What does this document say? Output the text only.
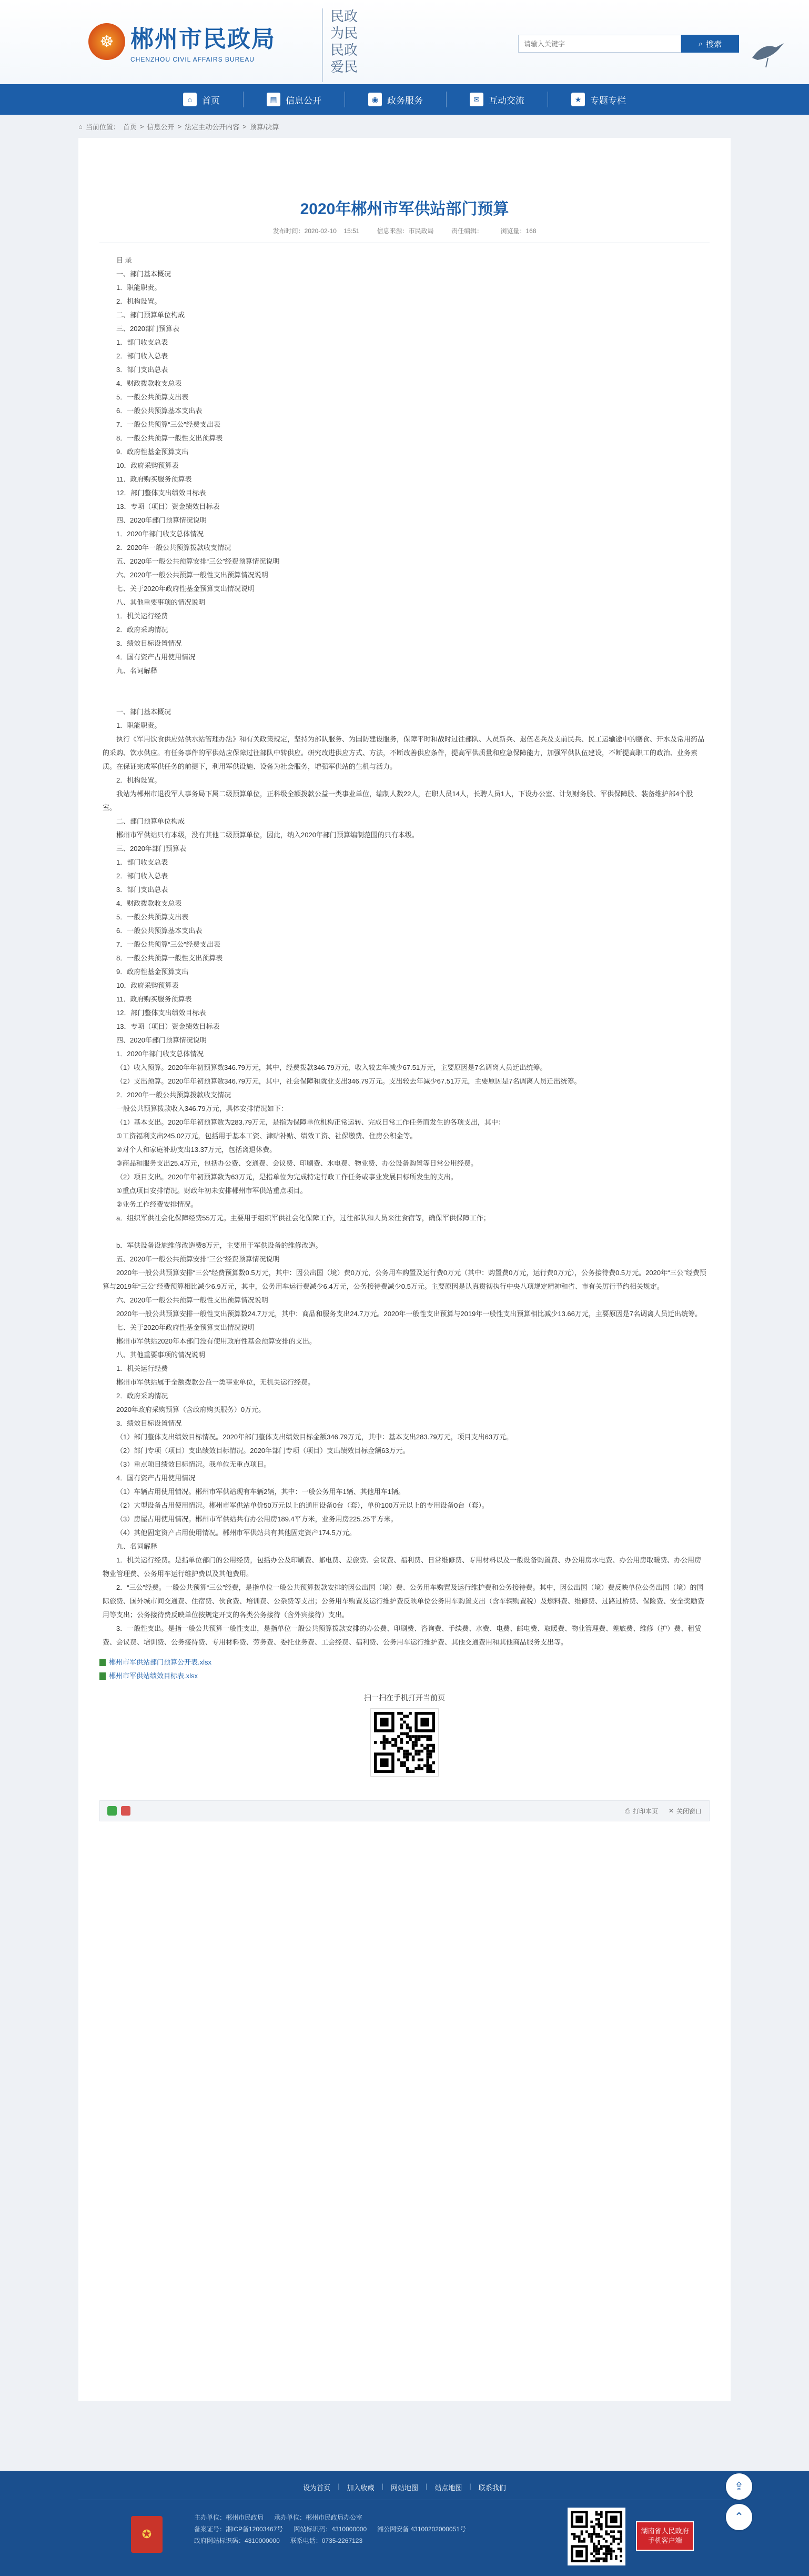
☸ 郴州市民政局
CHENZHOU CIVIL AFFAIRS BUREAU
民政为民
民政爱民
请输入关键字
⌕ 搜索
⌂	首页	▤ 信息公开	◉ 政务服务	✉	互动交流	★ 专题专栏
⌂ 当前位置： 首页 > 信息公开 > 法定主动公开内容 > 预算/决算
2020年郴州市军供站部门预算
发布时间：2020-02-10 15:51	信息来源：市民政局	责任编辑：	浏览量：168

目 录

一、部门基本概况

1．职能职责。

2．机构设置。

二、部门预算单位构成

三、2020部门预算表

1．部门收支总表

2．部门收入总表

3．部门支出总表

4．财政拨款收支总表

5．一般公共预算支出表

6．一般公共预算基本支出表

7．一般公共预算“三公”经费支出表

8．一般公共预算一般性支出预算表

9．政府性基金预算支出

10．政府采购预算表

11．政府购买服务预算表

12．部门整体支出绩效目标表

13．专项（项目）资金绩效目标表

四、2020年部门预算情况说明

1．2020年部门收支总体情况

2．2020年一般公共预算拨款收支情况

五、2020年一般公共预算安排“三公”经费预算情况说明

六、2020年一般公共预算一般性支出预算情况说明

七、关于2020年政府性基金预算支出情况说明

八、其他重要事项的情况说明

1．机关运行经费

2．政府采购情况

3．绩效目标设置情况

4．国有资产占用使用情况

九、名词解释

一、部门基本概况

1．职能职责。

执行《军用饮食供应站供水站管理办法》和有关政策规定，坚持为部队服务、为国防建设服务，保障平时和战时过往部队、人员新兵、退伍老兵及支前民兵、民工运输途中的膳食、开水及常用药品的采购、饮水供应。有任务事件的军供站应保障过往部队中转供应。研究改进供应方式、方法，不断改善供应条件，提高军供质量和应急保障能力，加强军供队伍建设，不断提高职工的政治、业务素质。在保证完成军供任务的前提下，利用军供设施、设备为社会服务，增强军供站的生机与活力。

2．机构设置。

我站为郴州市退役军人事务局下属二级预算单位，正科级全额拨款公益一类事业单位，编制人数22人，在职人员14人，长聘人员1人，下设办公室、计划财务股、军供保障股、装备维护部4个股室。

二、部门预算单位构成

郴州市军供站只有本级，没有其他二级预算单位，因此，纳入2020年部门预算编制范围的只有本级。

三、2020年部门预算表

1．部门收支总表

2．部门收入总表

3．部门支出总表

4．财政拨款收支总表

5．一般公共预算支出表

6．一般公共预算基本支出表

7．一般公共预算“三公”经费支出表

8．一般公共预算一般性支出预算表

9．政府性基金预算支出

10．政府采购预算表

11．政府购买服务预算表

12．部门整体支出绩效目标表

13．专项（项目）资金绩效目标表

四、2020年部门预算情况说明

1．2020年部门收支总体情况

（1）收入预算。2020年年初预算数346.79万元，其中，经费拨款346.79万元，收入较去年减少67.51万元，主要原因是7名调离人员迁出统筹。

（2）支出预算。2020年年初预算数346.79万元，其中，社会保障和就业支出346.79万元。支出较去年减少67.51万元，主要原因是7名调离人员迁出统筹。

2．2020年一般公共预算拨款收支情况

一般公共预算拨款收入346.79万元，具体安排情况如下：

（1）基本支出。2020年年初预算数为283.79万元，是指为保障单位机构正常运转、完成日常工作任务而发生的各项支出，其中：

①工资福利支出245.02万元，包括用于基本工资、津贴补贴、绩效工资、社保缴费、住房公积金等。

②对个人和家庭补助支出13.37万元，包括离退休费。

③商品和服务支出25.4万元，包括办公费、交通费、会议费、印刷费、水电费、物业费、办公设备购置等日常公用经费。

（2）项目支出。2020年年初预算数为63万元，是指单位为完成特定行政工作任务或事业发展目标所发生的支出。

①重点项目安排情况。财政年初未安排郴州市军供站重点项目。

②业务工作经费安排情况。

a．组织军供社会化保障经费55万元。主要用于组织军供社会化保障工作，过往部队和人员来往食宿等，确保军供保障工作；

b．军供设备设施维修改造费8万元，主要用于军供设备的维修改造。

五、2020年一般公共预算安排“三公”经费预算情况说明

2020年一般公共预算安排“三公”经费预算数0.5万元，其中：因公出国（境）费0万元，公务用车购置及运行费0万元（其中：购置费0万元，运行费0万元），公务接待费0.5万元。2020年“三公”经费预算与2019年“三公”经费预算相比减少6.9万元，其中，公务用车运行费减少6.4万元，公务接待费减少0.5万元。主要原因是认真贯彻执行中央八项规定精神和省、市有关厉行节约相关规定。

六、2020年一般公共预算一般性支出预算情况说明

2020年一般公共预算安排一般性支出预算数24.7万元，其中：商品和服务支出24.7万元。2020年一般性支出预算与2019年一般性支出预算相比减少13.66万元，主要原因是7名调离人员迁出统筹。

七、关于2020年政府性基金预算支出情况说明

郴州市军供站2020年本部门没有使用政府性基金预算安排的支出。

八、其他重要事项的情况说明

1．机关运行经费

郴州市军供站属于全额拨款公益一类事业单位，无机关运行经费。

2．政府采购情况

2020年政府采购预算（含政府购买服务）0万元。

3．绩效目标设置情况

（1）部门整体支出绩效目标情况。2020年部门整体支出绩效目标金额346.79万元，其中：基本支出283.79万元，项目支出63万元。

（2）部门专项（项目）支出绩效目标情况。2020年部门专项（项目）支出绩效目标金额63万元。

（3）重点项目绩效目标情况。我单位无重点项目。

4．国有资产占用使用情况

（1）车辆占用使用情况。郴州市军供站现有车辆2辆，其中：一般公务用车1辆、其他用车1辆。

（2）大型设备占用使用情况。郴州市军供站单价50万元以上的通用设备0台（套），单价100万元以上的专用设备0台（套）。

（3）房屋占用使用情况。郴州市军供站共有办公用房189.4平方米，业务用房225.25平方米。

（4）其他固定资产占用使用情况。郴州市军供站共有其他固定资产174.5万元。

九、名词解释

1．机关运行经费。是指单位部门的公用经费，包括办公及印刷费、邮电费、差旅费、会议费、福利费、日常维修费、专用材料以及一般设备购置费、办公用房水电费、办公用房取暖费、办公用房物业管理费、公务用车运行维护费以及其他费用。

2．“三公”经费。一般公共预算“三公”经费，是指单位一般公共预算拨款安排的因公出国（境）费、公务用车购置及运行维护费和公务接待费。其中，因公出国（境）费反映单位公务出国（境）的国际旅费、国外城市间交通费、住宿费、伙食费、培训费、公杂费等支出；公务用车购置及运行维护费反映单位公务用车购置支出（含车辆购置税）及燃料费、维修费、过路过桥费、保险费、安全奖励费用等支出；公务接待费反映单位按规定开支的各类公务接待（含外宾接待）支出。

3．一般性支出。是指一般公共预算一般性支出，是指单位一般公共预算拨款安排的办公费、印刷费、咨询费、手续费、水费、电费、邮电费、取暖费、物业管理费、差旅费、维修（护）费、租赁费、会议费、培训费、公务接待费、专用材料费、劳务费、委托业务费、工会经费、福利费、公务用车运行维护费、其他交通费用和其他商品服务支出等。

郴州市军供站部门预算公开表.xlsx
郴州市军供站绩效目标表.xlsx
扫一扫在手机打开当前页
⎙ 打印本页 ✕ 关闭窗口
设为首页 | 加入收藏 | 网站地图 | 站点地图 | 联系我们
✪
主办单位：郴州市民政局 承办单位：郴州市民政局办公室
备案证号：湘ICP备12003467号 网站标识码：4310000000 湘公网安备 43100202000051号
政府网站标识码：4310000000 联系电话：0735-2267123
湖南省人民政府
手机客户端
⇪
⌃
